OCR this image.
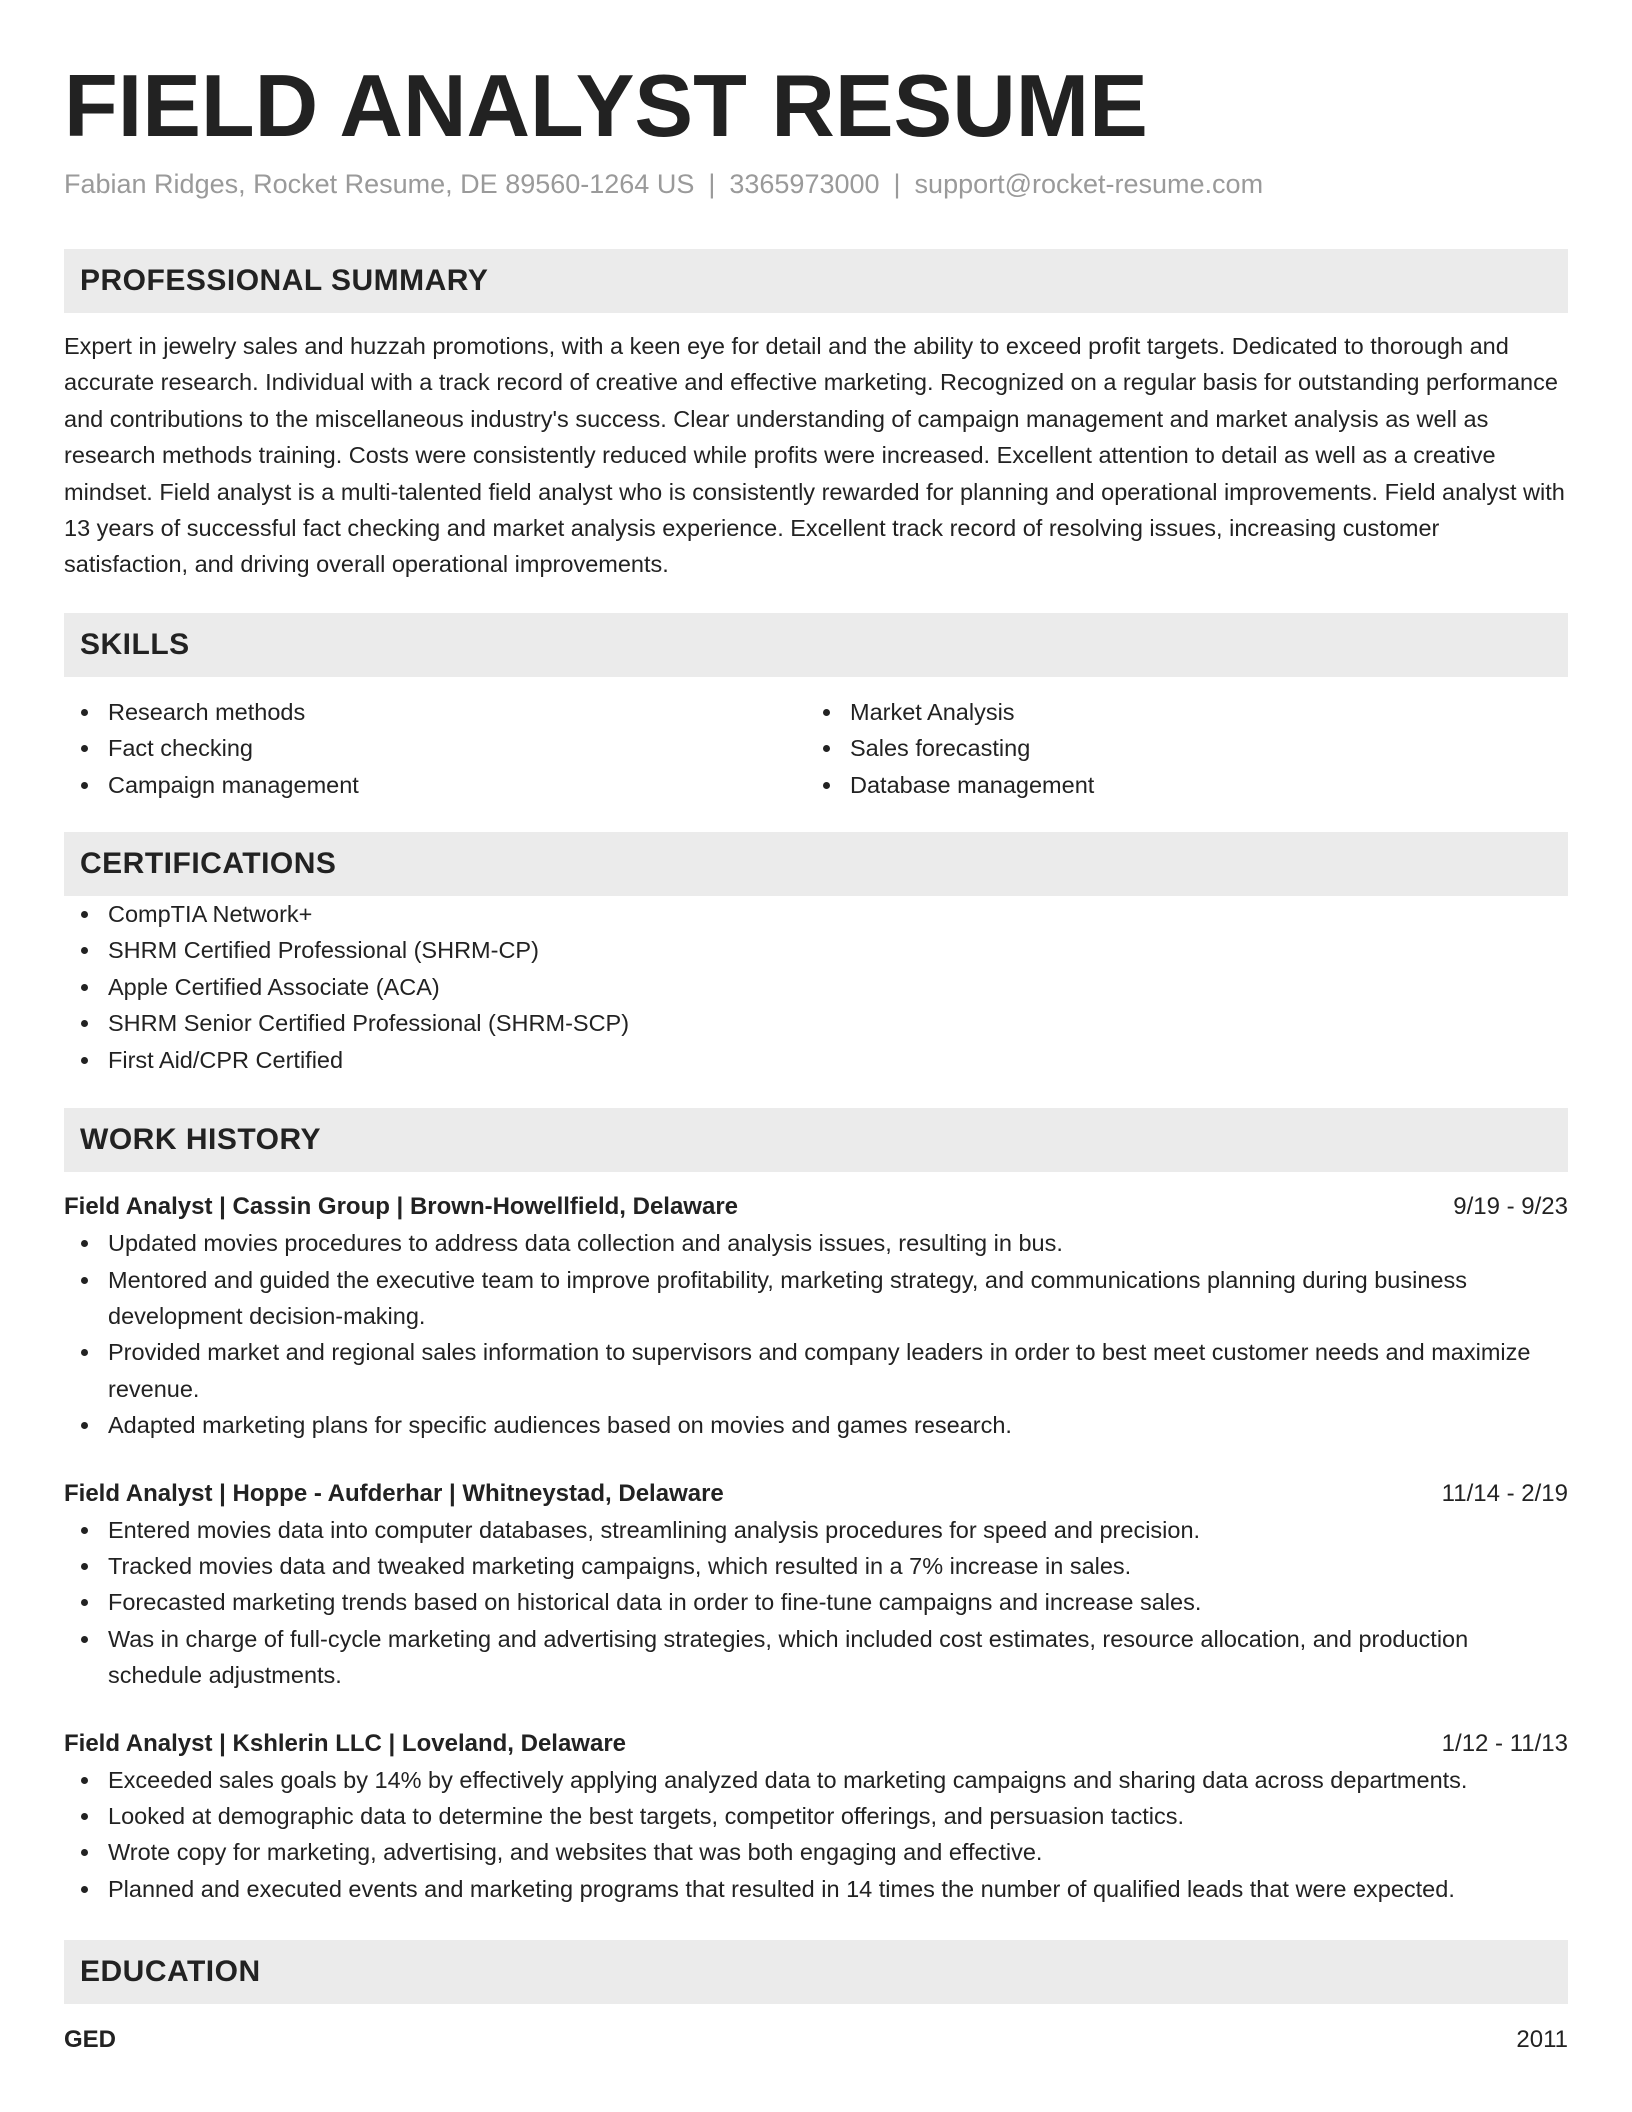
FIELD ANALYST RESUME
Fabian Ridges, Rocket Resume, DE 89560-1264 US | 3365973000 | support@rocket-resume.com
PROFESSIONAL SUMMARY

Expert in jewelry sales and huzzah promotions, with a keen eye for detail and the ability to exceed profit targets. Dedicated to thorough and accurate research. Individual with a track record of creative and effective marketing. Recognized on a regular basis for outstanding performance and contributions to the miscellaneous industry's success. Clear understanding of campaign management and market analysis as well as research methods training. Costs were consistently reduced while profits were increased. Excellent attention to detail as well as a creative mindset. Field analyst is a multi-talented field analyst who is consistently rewarded for planning and operational improvements. Field analyst with 13 years of successful fact checking and market analysis experience. Excellent track record of resolving issues, increasing customer satisfaction, and driving overall operational improvements.

SKILLS
Research methods
Fact checking
Campaign management
Market Analysis
Sales forecasting
Database management
CERTIFICATIONS
CompTIA Network+
SHRM Certified Professional (SHRM-CP)
Apple Certified Associate (ACA)
SHRM Senior Certified Professional (SHRM-SCP)
First Aid/CPR Certified
WORK HISTORY
Field Analyst | Cassin Group | Brown-Howellfield, Delaware	9/19 - 9/23
Updated movies procedures to address data collection and analysis issues, resulting in bus.
Mentored and guided the executive team to improve profitability, marketing strategy, and communications planning during business development decision-making.
Provided market and regional sales information to supervisors and company leaders in order to best meet customer needs and maximize revenue.
Adapted marketing plans for specific audiences based on movies and games research.
Field Analyst | Hoppe - Aufderhar | Whitneystad, Delaware	11/14 - 2/19
Entered movies data into computer databases, streamlining analysis procedures for speed and precision.
Tracked movies data and tweaked marketing campaigns, which resulted in a 7% increase in sales.
Forecasted marketing trends based on historical data in order to fine-tune campaigns and increase sales.
Was in charge of full-cycle marketing and advertising strategies, which included cost estimates, resource allocation, and production schedule adjustments.
Field Analyst | Kshlerin LLC | Loveland, Delaware	1/12 - 11/13
Exceeded sales goals by 14% by effectively applying analyzed data to marketing campaigns and sharing data across departments.
Looked at demographic data to determine the best targets, competitor offerings, and persuasion tactics.
Wrote copy for marketing, advertising, and websites that was both engaging and effective.
Planned and executed events and marketing programs that resulted in 14 times the number of qualified leads that were expected.
EDUCATION
GED	2011
